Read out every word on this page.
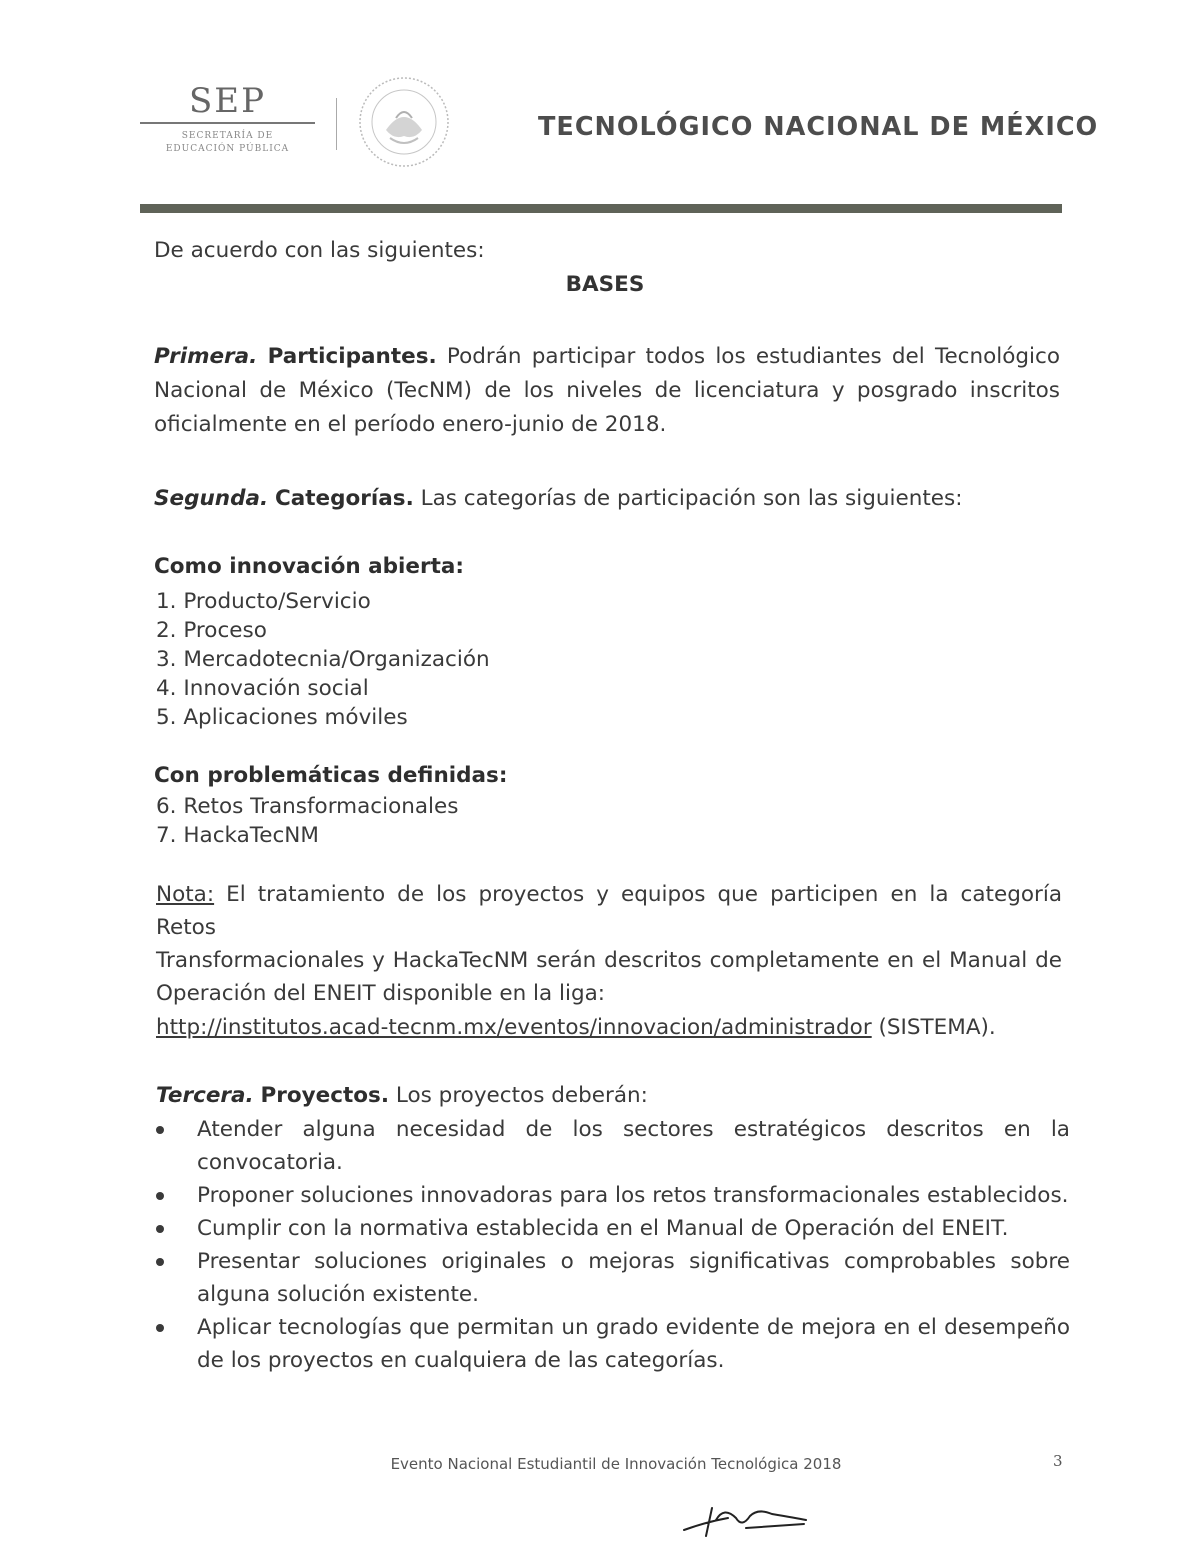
SEP
SECRETARÍA DE
EDUCACIÓN PÚBLICA
TECNOLÓGICO NACIONAL DE MÉXICO
De acuerdo con las siguientes:
BASES
Primera. Participantes. Podrán participar todos los estudiantes del Tecnológico
Nacional de México (TecNM) de los niveles de licenciatura y posgrado inscritos
oficialmente en el período enero-junio de 2018.
Segunda. Categorías. Las categorías de participación son las siguientes:
Como innovación abierta:
1. Producto/Servicio
2. Proceso
3. Mercadotecnia/Organización
4. Innovación social
5. Aplicaciones móviles
Con problemáticas definidas:
6. Retos Transformacionales
7. HackaTecNM
Nota: El tratamiento de los proyectos y equipos que participen en la categoría Retos
Transformacionales y HackaTecNM serán descritos completamente en el Manual de
Operación del ENEIT disponible en la liga:
http://institutos.acad-tecnm.mx/eventos/innovacion/administrador (SISTEMA).
Tercera. Proyectos. Los proyectos deberán:
Atender alguna necesidad de los sectores estratégicos descritos en la
convocatoria.
Proponer soluciones innovadoras para los retos transformacionales establecidos.
Cumplir con la normativa establecida en el Manual de Operación del ENEIT.
Presentar soluciones originales o mejoras significativas comprobables sobre
alguna solución existente.
Aplicar tecnologías que permitan un grado evidente de mejora en el desempeño
de los proyectos en cualquiera de las categorías.
Evento Nacional Estudiantil de Innovación Tecnológica 2018	3
